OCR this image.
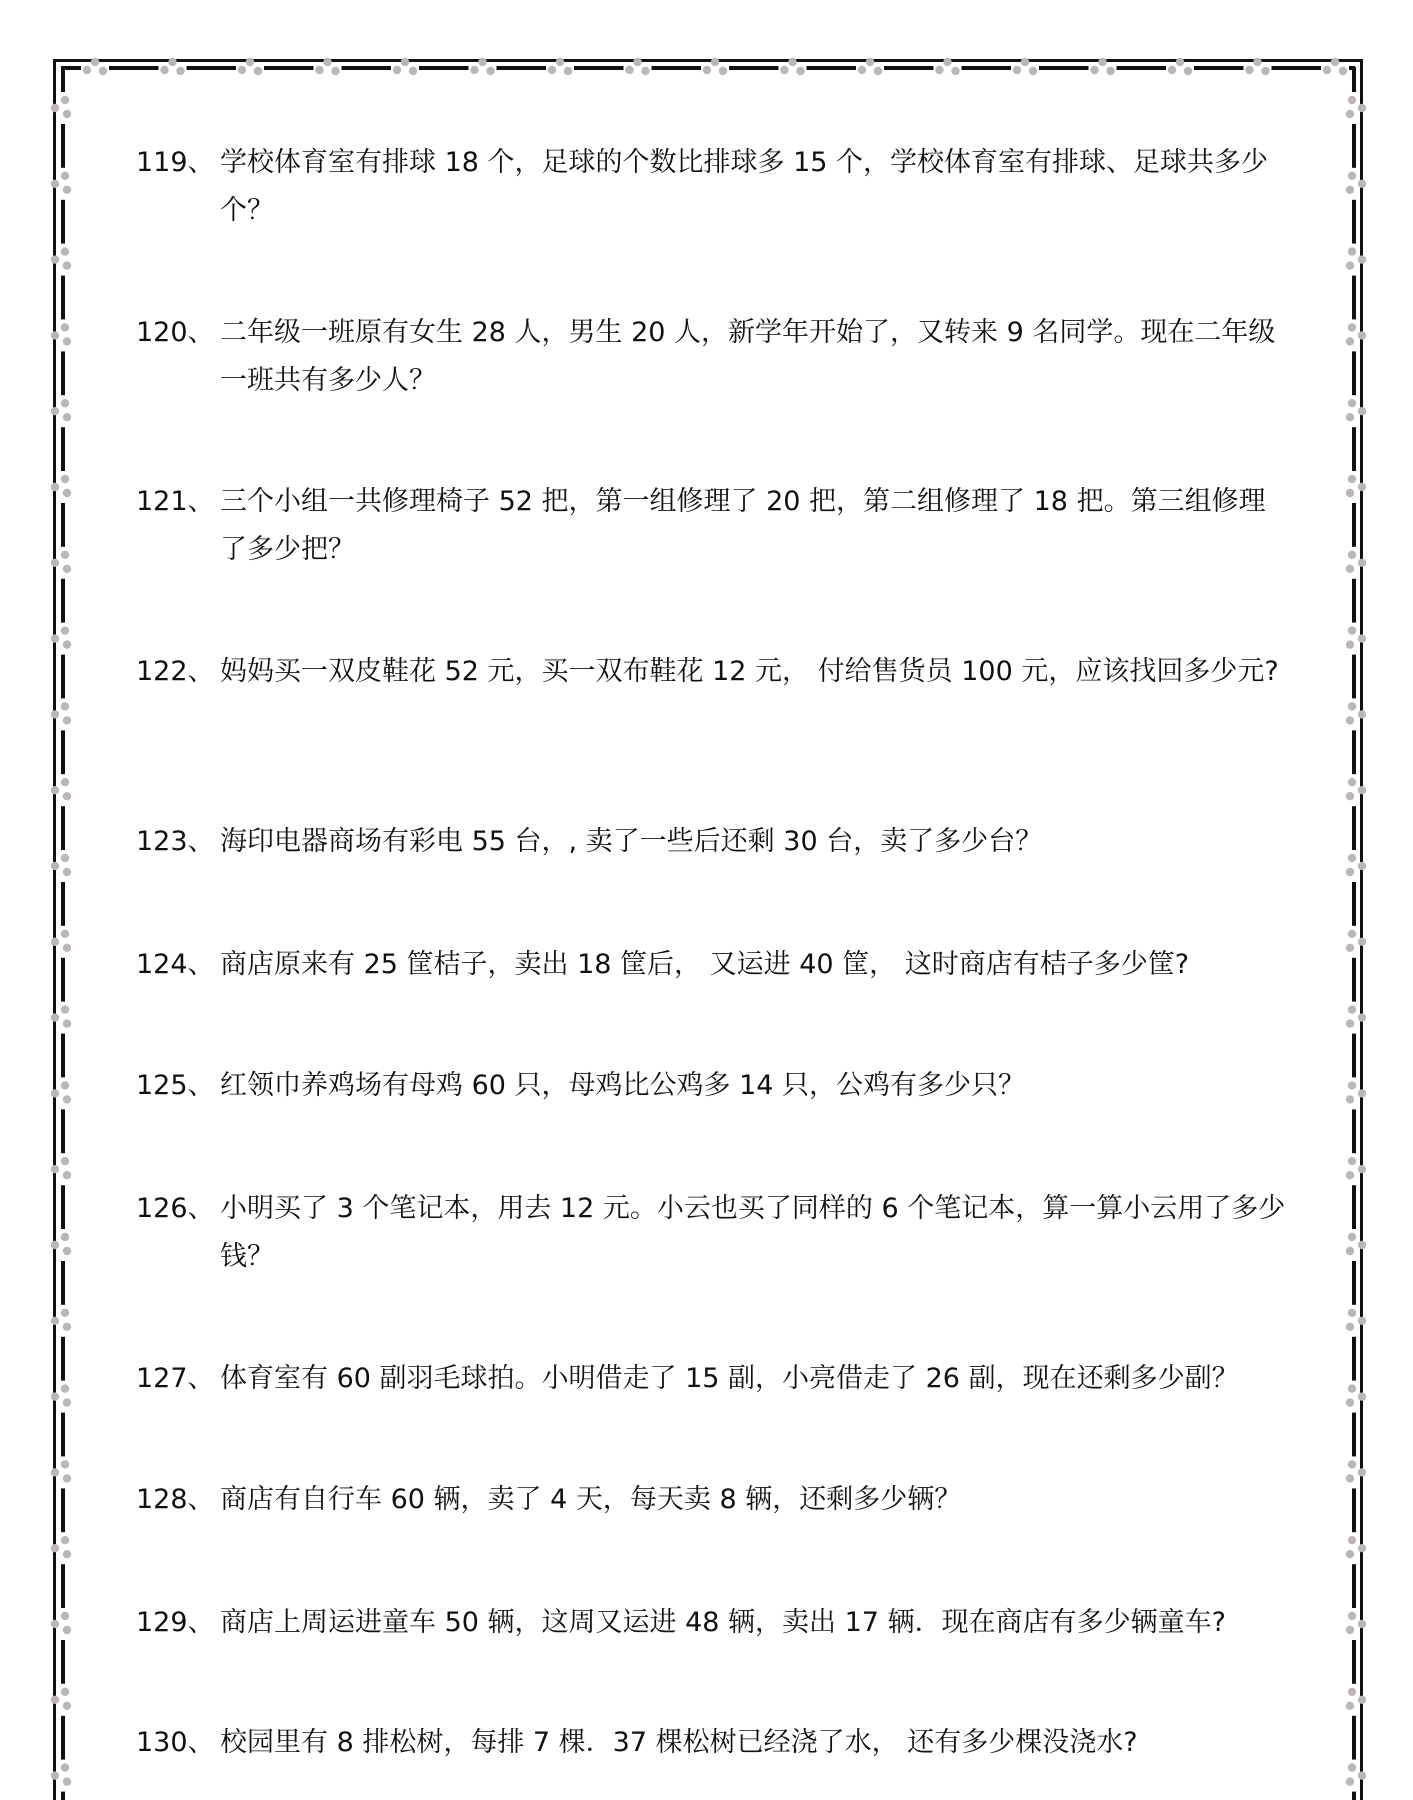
119、 学校体育室有排球 18 个，足球的个数比排球多 15 个，学校体育室有排球、足球共多少个？
120、 二年级一班原有女生 28 人，男生 20 人，新学年开始了，又转来 9 名同学。现在二年级一班共有多少人？
121、 三个小组一共修理椅子 52 把，第一组修理了 20 把，第二组修理了 18 把。第三组修理了多少把？
122、 妈妈买一双皮鞋花 52 元，买一双布鞋花 12 元， 付给售货员 100 元，应该找回多少元?
123、 海印电器商场有彩电 55 台，, 卖了一些后还剩 30 台，卖了多少台？
124、 商店原来有 25 筐桔子，卖出 18 筐后， 又运进 40 筐， 这时商店有桔子多少筐?
125、 红领巾养鸡场有母鸡 60 只，母鸡比公鸡多 14 只，公鸡有多少只？
126、 小明买了 3 个笔记本，用去 12 元。小云也买了同样的 6 个笔记本，算一算小云用了多少钱？
127、 体育室有 60 副羽毛球拍。小明借走了 15 副，小亮借走了 26 副，现在还剩多少副？
128、 商店有自行车 60 辆，卖了 4 天，每天卖 8 辆，还剩多少辆？
129、 商店上周运进童车 50 辆，这周又运进 48 辆，卖出 17 辆．现在商店有多少辆童车?
130、 校园里有 8 排松树，每排 7 棵．37 棵松树已经浇了水， 还有多少棵没浇水?
